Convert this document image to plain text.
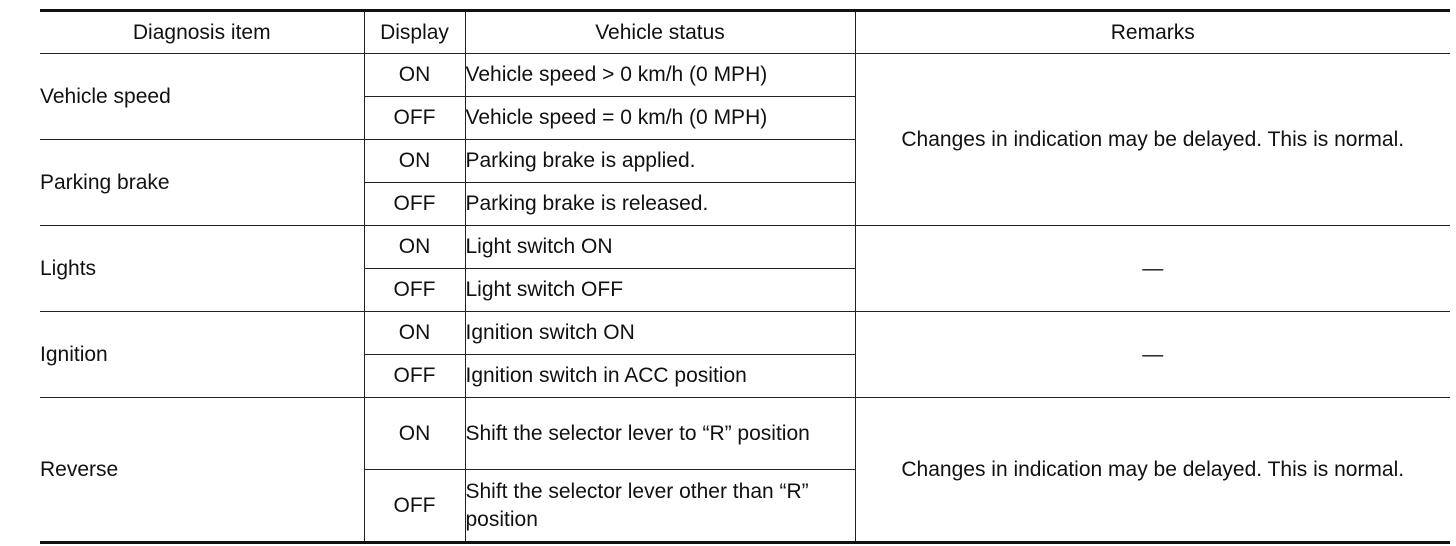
Diagnosis item	Display	Vehicle status	Remarks
Vehicle speed	ON	Vehicle speed > 0 km/h (0 MPH)	Changes in indication may be delayed. This is normal.
	OFF	Vehicle speed = 0 km/h (0 MPH)	
Parking brake	ON	Parking brake is applied.	
	OFF	Parking brake is released.	
Lights	ON	Light switch ON	—
	OFF	Light switch OFF	
Ignition	ON	Ignition switch ON	—
	OFF	Ignition switch in ACC position	
Reverse	ON	Shift the selector lever to “R” position	Changes in indication may be delayed. This is normal.
	OFF	Shift the selector lever other than “R” position	
